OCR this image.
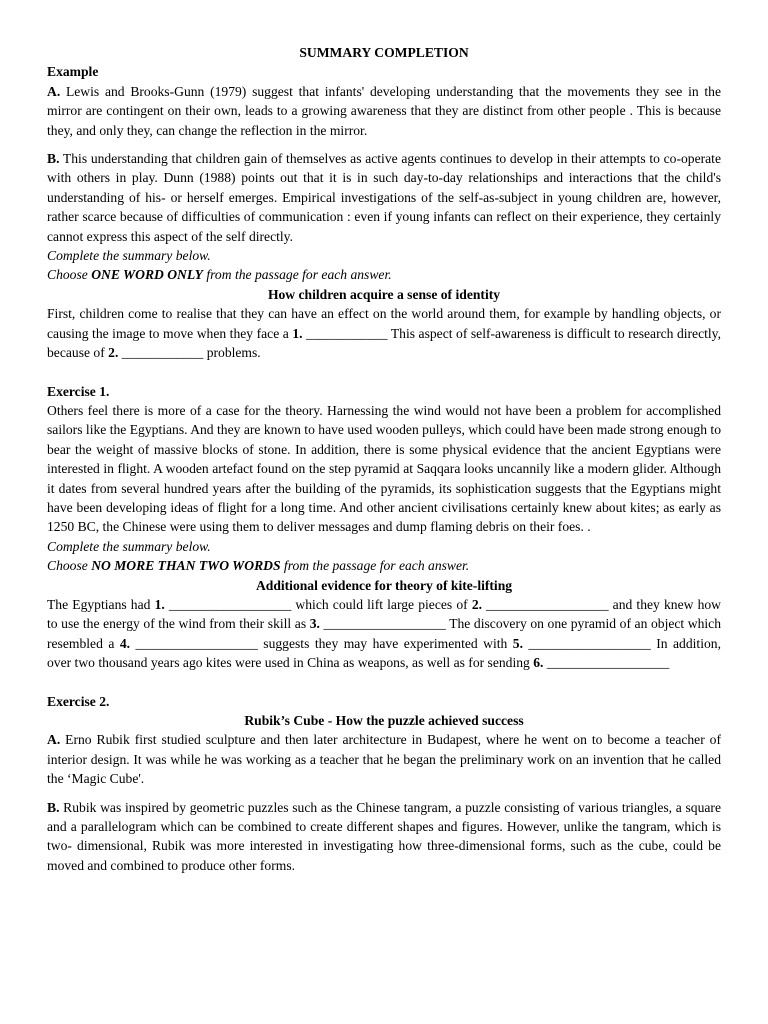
SUMMARY COMPLETION

Example

A. Lewis and Brooks-Gunn (1979) suggest that infants' developing understanding that the movements they see in the mirror are contingent on their own, leads to a growing awareness that they are distinct from other people . This is because they, and only they, can change the reflection in the mirror.

B. This understanding that children gain of themselves as active agents continues to develop in their attempts to co-operate with others in play. Dunn (1988) points out that it is in such day-to-day relationships and interactions that the child's understanding of his- or herself emerges. Empirical investigations of the self-as-subject in young children are, however, rather scarce because of difficulties of communication : even if young infants can reflect on their experience, they certainly cannot express this aspect of the self directly.

Complete the summary below.

Choose ONE WORD ONLY from the passage for each answer.

How children acquire a sense of identity

First, children come to realise that they can have an effect on the world around them, for example by handling objects, or causing the image to move when they face a 1. ____________ This aspect of self-awareness is difficult to research directly, because of 2. ____________ problems.

Exercise 1.

Others feel there is more of a case for the theory. Harnessing the wind would not have been a problem for accomplished sailors like the Egyptians. And they are known to have used wooden pulleys, which could have been made strong enough to bear the weight of massive blocks of stone. In addition, there is some physical evidence that the ancient Egyptians were interested in flight. A wooden artefact found on the step pyramid at Saqqara looks uncannily like a modern glider. Although it dates from several hundred years after the building of the pyramids, its sophistication suggests that the Egyptians might have been developing ideas of flight for a long time. And other ancient civilisations certainly knew about kites; as early as 1250 BC, the Chinese were using them to deliver messages and dump flaming debris on their foes. .

Complete the summary below.

Choose NO MORE THAN TWO WORDS from the passage for each answer.

Additional evidence for theory of kite-lifting

The Egyptians had 1. __________________ which could lift large pieces of 2. __________________ and they knew how to use the energy of the wind from their skill as 3. __________________ The discovery on one pyramid of an object which resembled a 4. __________________ suggests they may have experimented with 5. __________________ In addition, over two thousand years ago kites were used in China as weapons, as well as for sending 6. __________________

Exercise 2.

Rubik’s Cube - How the puzzle achieved success

A. Erno Rubik first studied sculpture and then later architecture in Budapest, where he went on to become a teacher of interior design. It was while he was working as a teacher that he began the preliminary work on an invention that he called the ‘Magic Cube'.

B. Rubik was inspired by geometric puzzles such as the Chinese tangram, a puzzle consisting of various triangles, a square and a parallelogram which can be combined to create different shapes and figures. However, unlike the tangram, which is two- dimensional, Rubik was more interested in investigating how three-dimensional forms, such as the cube, could be moved and combined to produce other forms.
